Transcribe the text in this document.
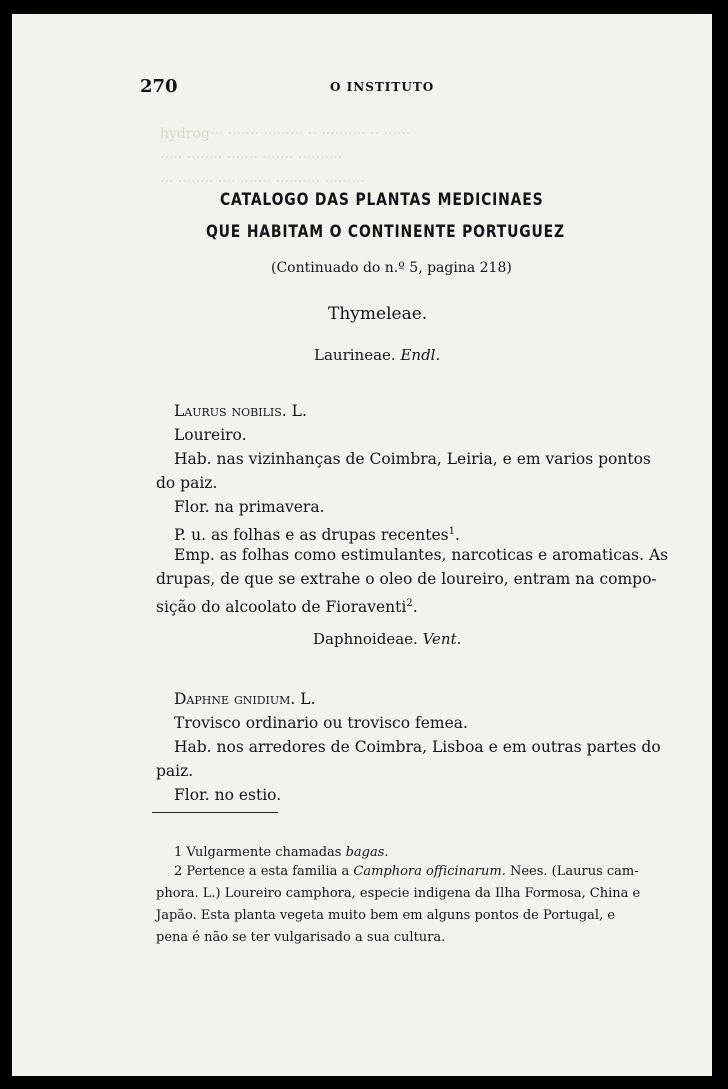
hydrog··· ······· ········· ·· ·········· ·· ······
····· ········ ······· ······· ··········
··· ········ ···· ······· ·········· ·········
270	O INSTITUTO
CATALOGO DAS PLANTAS MEDICINAES
QUE HABITAM O CONTINENTE PORTUGUEZ
(Continuado do n.º 5, pagina 218)
Thymeleae.
Laurineae. Endl.
Laurus nobilis. L.
Loureiro.
Hab. nas vizinhanças de Coimbra, Leiria, e em varios pontos
do paiz.
Flor. na primavera.
P. u. as folhas e as drupas recentes$^1$.
Emp. as folhas como estimulantes, narcoticas e aromaticas. As
drupas, de que se extrahe o oleo de loureiro, entram na compo-
sição do alcoolato de Fioraventi$^2$.
Daphnoideae. Vent.
Daphne gnidium. L.
Trovisco ordinario ou trovisco femea.
Hab. nos arredores de Coimbra, Lisboa e em outras partes do
paiz.
Flor. no estio.
1 Vulgarmente chamadas bagas.
2 Pertence a esta familia a Camphora officinarum. Nees. (Laurus cam-
phora. L.) Loureiro camphora, especie indigena da Ilha Formosa, China e
Japão. Esta planta vegeta muito bem em alguns pontos de Portugal, e
pena é não se ter vulgarisado a sua cultura.
